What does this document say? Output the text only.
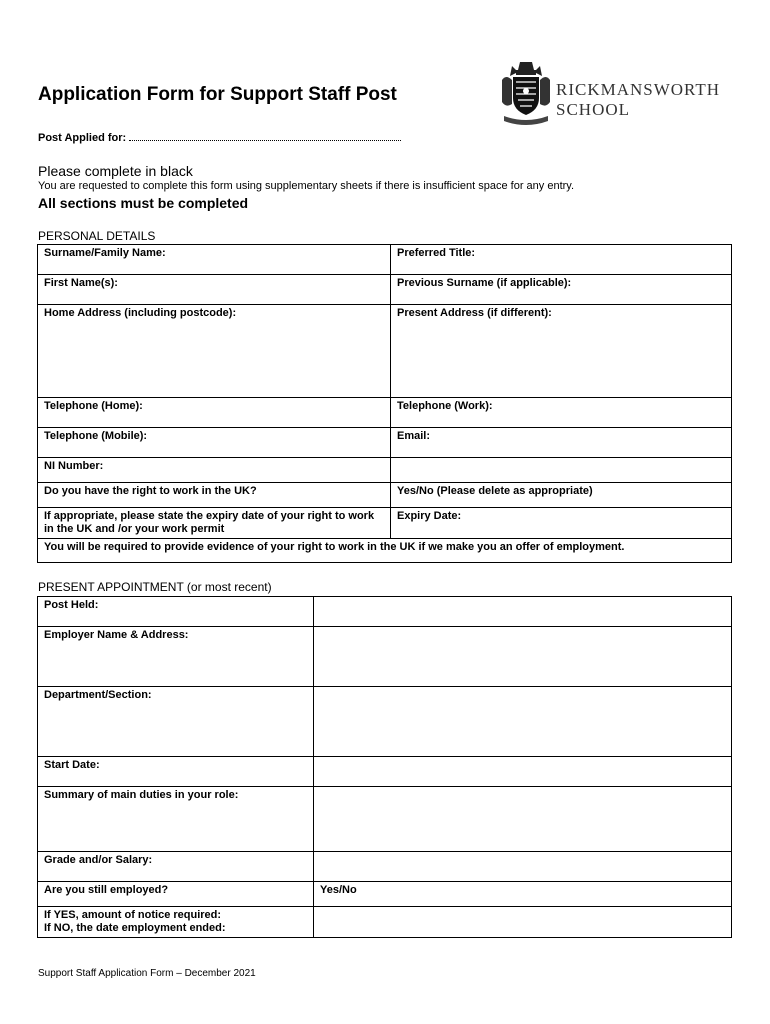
Application Form for Support Staff Post	RICKMANSWORTH
SCHOOL
Post Applied for:
Please complete in black
You are requested to complete this form using supplementary sheets if there is insufficient space for any entry.
All sections must be completed
PERSONAL DETAILS
Surname/Family Name:	Preferred Title:
First Name(s):	Previous Surname (if applicable):
Home Address (including postcode):	Present Address (if different):
Telephone (Home):	Telephone (Work):
Telephone (Mobile):	Email:
NI Number:	
Do you have the right to work in the UK?	Yes/No (Please delete as appropriate)
If appropriate, please state the expiry date of your right to work in the UK and /or your work permit	Expiry Date:
You will be required to provide evidence of your right to work in the UK if we make you an offer of employment.	
PRESENT APPOINTMENT (or most recent)
Post Held:	
Employer Name & Address:	
Department/Section:	
Start Date:	
Summary of main duties in your role:	
Grade and/or Salary:	
Are you still employed?	Yes/No

If YES, amount of notice required:
If NO, the date employment ended:	

Support Staff Application Form – December 2021
